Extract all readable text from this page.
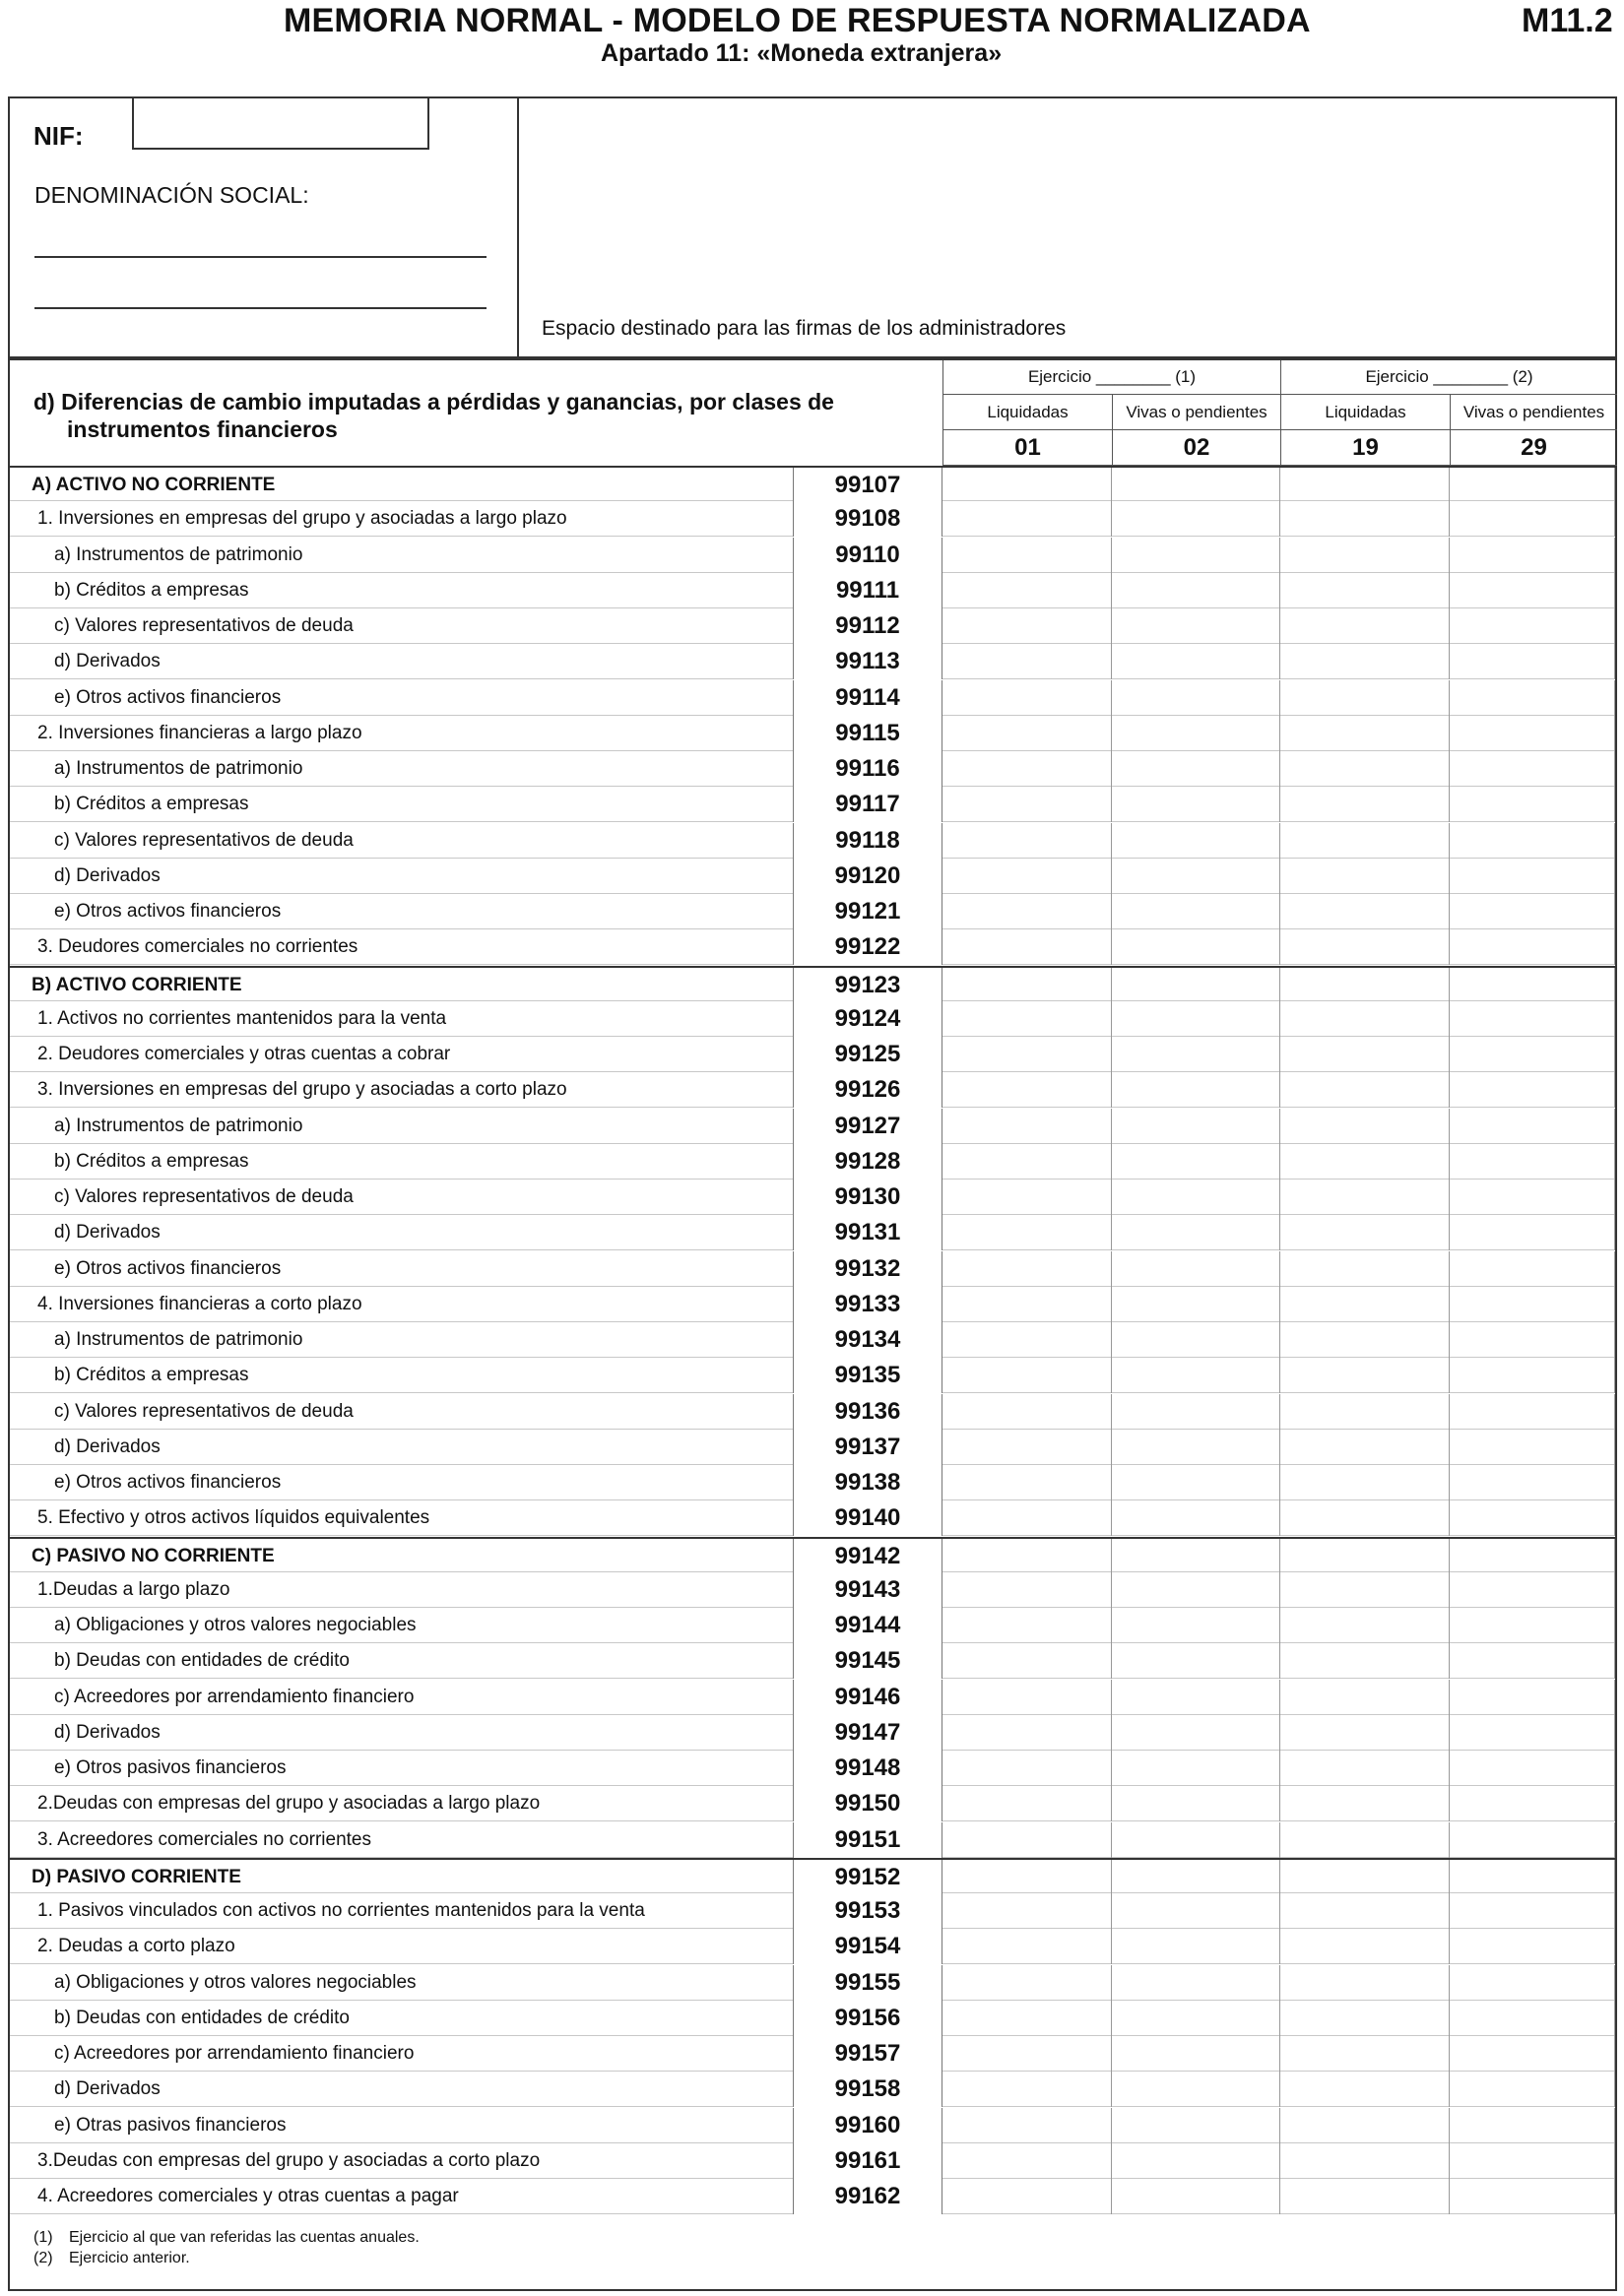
MEMORIA NORMAL - MODELO DE RESPUESTA NORMALIZADA	M11.2
Apartado 11: «Moneda extranjera»
NIF:
DENOMINACIÓN SOCIAL:
Espacio destinado para las firmas de los administradores
d) Diferencias de cambio imputadas a pérdidas y ganancias, por clases de
instrumentos financieros
Ejercicio ________ (1)	Ejercicio ________ (2)
Liquidadas	Vivas o pendientes	Liquidadas	Vivas o pendientes
01	02	19	29
A) ACTIVO NO CORRIENTE	99107
1. Inversiones en empresas del grupo y asociadas a largo plazo	99108
a) Instrumentos de patrimonio	99110
b) Créditos a empresas	99111
c) Valores representativos de deuda	99112
d) Derivados	99113
e) Otros activos financieros	99114
2. Inversiones financieras a largo plazo	99115
a) Instrumentos de patrimonio	99116
b) Créditos a empresas	99117
c) Valores representativos de deuda	99118
d) Derivados	99120
e) Otros activos financieros	99121
3. Deudores comerciales no corrientes	99122
B) ACTIVO CORRIENTE	99123
1. Activos no corrientes mantenidos para la venta	99124
2. Deudores comerciales y otras cuentas a cobrar	99125
3. Inversiones en empresas del grupo y asociadas a corto plazo	99126
a) Instrumentos de patrimonio	99127
b) Créditos a empresas	99128
c) Valores representativos de deuda	99130
d) Derivados	99131
e) Otros activos financieros	99132
4. Inversiones financieras a corto plazo	99133
a) Instrumentos de patrimonio	99134
b) Créditos a empresas	99135
c) Valores representativos de deuda	99136
d) Derivados	99137
e) Otros activos financieros	99138
5. Efectivo y otros activos líquidos equivalentes	99140
C) PASIVO NO CORRIENTE	99142
1.Deudas a largo plazo	99143
a) Obligaciones y otros valores negociables	99144
b) Deudas con entidades de crédito	99145
c) Acreedores por arrendamiento financiero	99146
d) Derivados	99147
e) Otros pasivos financieros	99148
2.Deudas con empresas del grupo y asociadas a largo plazo	99150
3. Acreedores comerciales no corrientes	99151
D) PASIVO CORRIENTE	99152
1. Pasivos vinculados con activos no corrientes mantenidos para la venta	99153
2. Deudas a corto plazo	99154
a) Obligaciones y otros valores negociables	99155
b) Deudas con entidades de crédito	99156
c) Acreedores por arrendamiento financiero	99157
d) Derivados	99158
e) Otras pasivos financieros	99160
3.Deudas con empresas del grupo y asociadas a corto plazo	99161
4. Acreedores comerciales y otras cuentas a pagar	99162
(1) Ejercicio al que van referidas las cuentas anuales.
(2) Ejercicio anterior.
